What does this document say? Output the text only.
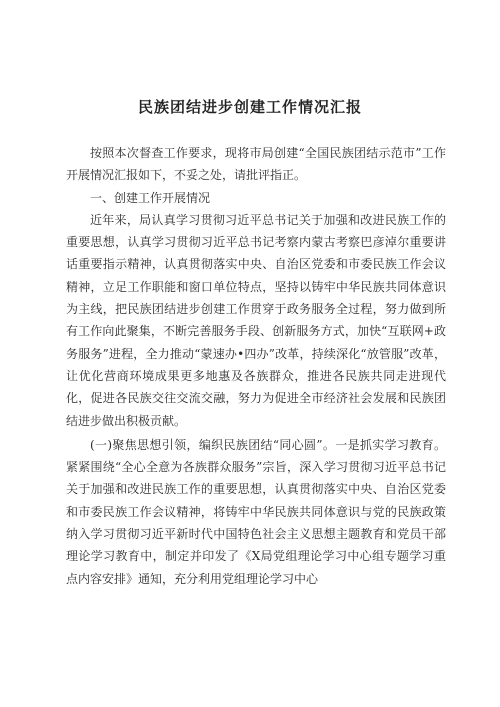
民族团结进步创建工作情况汇报

按照本次督查工作要求，现将市局创建“全国民族团结示范市”工作开展情况汇报如下，不妥之处，请批评指正。

一、创建工作开展情况

近年来，局认真学习贯彻习近平总书记关于加强和改进民族工作的重要思想，认真学习贯彻习近平总书记考察内蒙古考察巴彦淖尔重要讲话重要指示精神，认真贯彻落实中央、自治区党委和市委民族工作会议精神，立足工作职能和窗口单位特点，坚持以铸牢中华民族共同体意识为主线，把民族团结进步创建工作贯穿于政务服务全过程，努力做到所有工作向此聚集，不断完善服务手段、创新服务方式，加快“互联网+政务服务”进程，全力推动“蒙速办•四办”改革，持续深化“放管服”改革，让优化营商环境成果更多地惠及各族群众，推进各民族共同走进现代化，促进各民族交往交流交融，努力为促进全市经济社会发展和民族团结进步做出积极贡献。

(一)聚焦思想引领，编织民族团结“同心圆”。一是抓实学习教育。紧紧围绕“全心全意为各族群众服务”宗旨，深入学习贯彻习近平总书记关于加强和改进民族工作的重要思想，认真贯彻落实中央、自治区党委和市委民族工作会议精神，将铸牢中华民族共同体意识与党的民族政策纳入学习贯彻习近平新时代中国特色社会主义思想主题教育和党员干部理论学习教育中，制定并印发了《X局党组理论学习中心组专题学习重点内容安排》通知，充分利用党组理论学习中心
